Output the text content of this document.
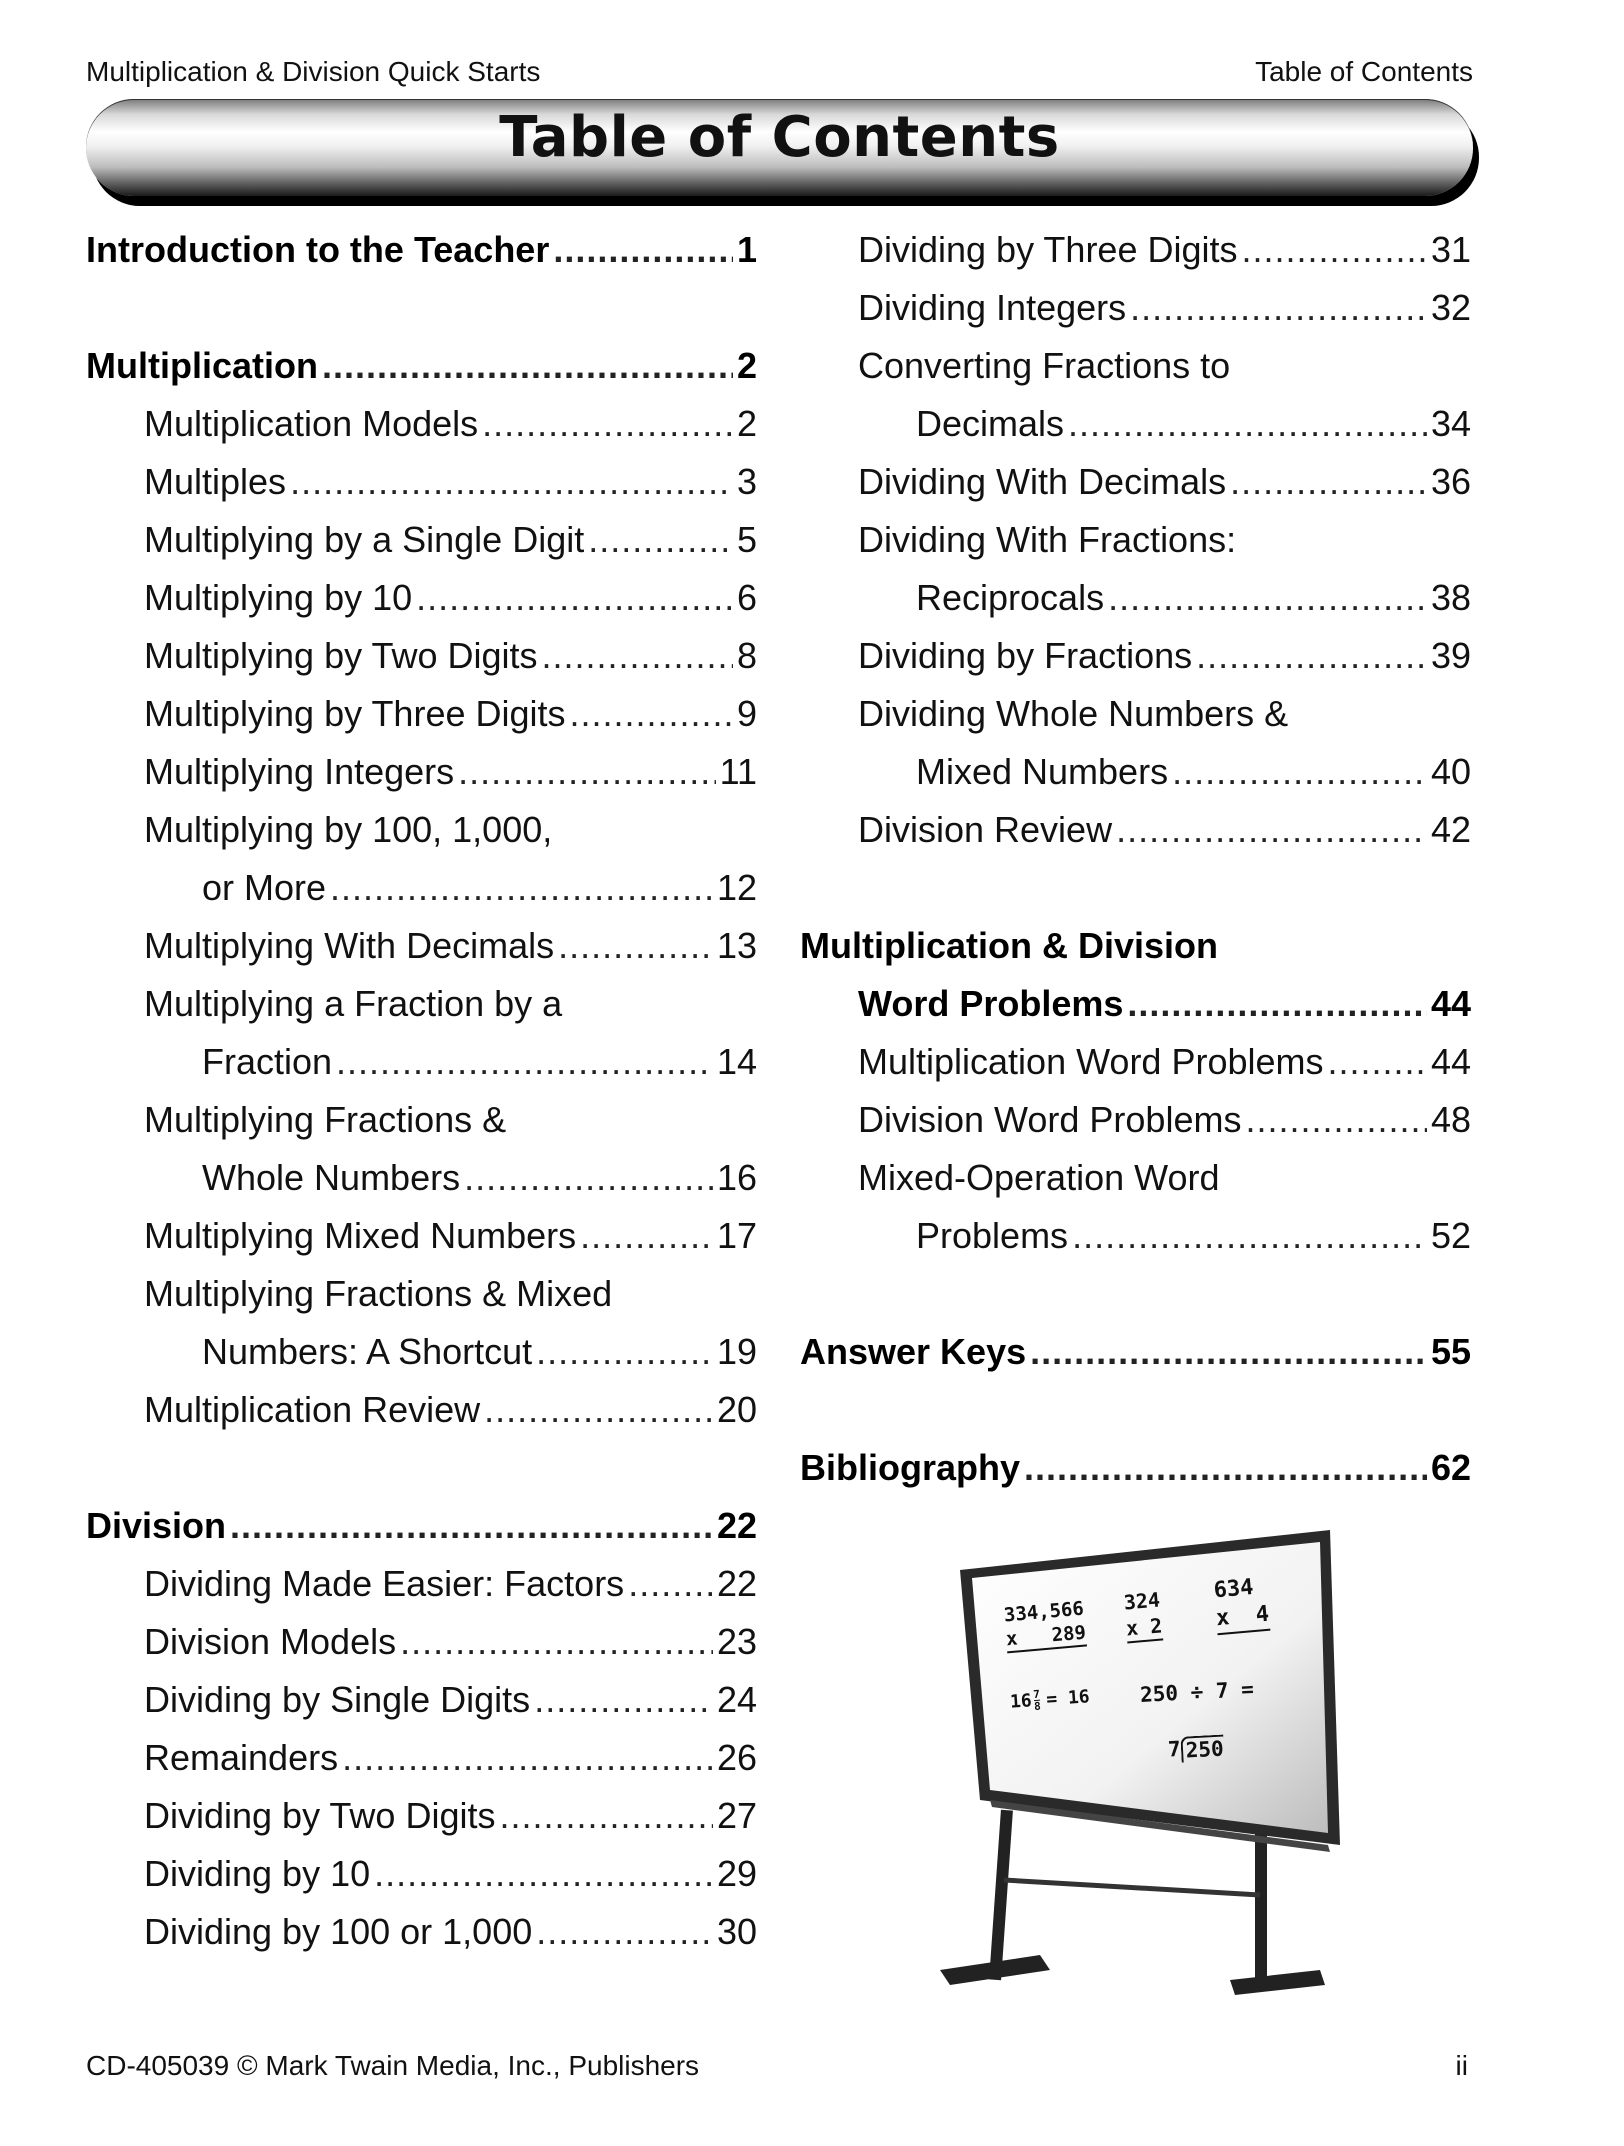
Multiplication & Division Quick Starts	Table of Contents
Table of Contents
Introduction to the Teacher .....	1
Multiplication .....	2
Multiplication Models .....	2
Multiples .....	3
Multiplying by a Single Digit .....	5
Multiplying by 10 .....	6
Multiplying by Two Digits .....	8
Multiplying by Three Digits .....	9
Multiplying Integers .....	11
Multiplying by 100, 1,000,
or More .....	12
Multiplying With Decimals .....	13
Multiplying a Fraction by a
Fraction .....	14
Multiplying Fractions &
Whole Numbers .....	16
Multiplying Mixed Numbers .....	17
Multiplying Fractions & Mixed
Numbers: A Shortcut .....	19
Multiplication Review .....	20
Division .....	22
Dividing Made Easier: Factors .....	22
Division Models .....	23
Dividing by Single Digits .....	24
Remainders .....	26
Dividing by Two Digits .....	27
Dividing by 10 .....	29
Dividing by 100 or 1,000 .....	30
Dividing by Three Digits .....	31
Dividing Integers .....	32
Converting Fractions to
Decimals .....	34
Dividing With Decimals .....	36
Dividing With Fractions:
Reciprocals .....	38
Dividing by Fractions .....	39
Dividing Whole Numbers &
Mixed Numbers .....	40
Division Review .....	42
Multiplication & Division
Word Problems .....	44
Multiplication Word Problems .....	44
Division Word Problems .....	48
Mixed-Operation Word
Problems .....	52
Answer Keys .....	55
Bibliography .....	62
334,566
x   289
324
x 2
634
x  4
$16 \frac{7}{8} = 16$ 250 ÷ 7 =
7 250
CD-405039 © Mark Twain Media, Inc., Publishers	ii
